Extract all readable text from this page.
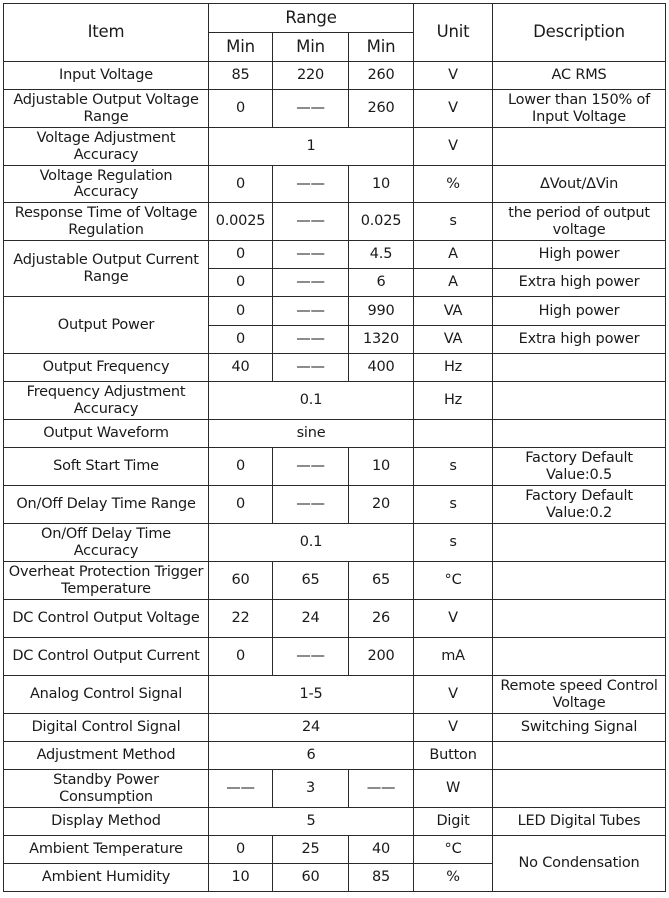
Item	Range			Unit	Description
	Min	Min	Min		
Input Voltage	85	220	260	V	AC RMS
Adjustable Output Voltage Range	0	——	260	V	Lower than 150% of Input Voltage
Voltage Adjustment Accuracy	1			V	
Voltage Regulation Accuracy	0	——	10	%	ΔVout/ΔVin
Response Time of Voltage Regulation	0.0025	——	0.025	s	the period of output voltage
Adjustable Output Current Range	0	——	4.5	A	High power
	0	——	6	A	Extra high power
Output Power	0	——	990	VA	High power
	0	——	1320	VA	Extra high power
Output Frequency	40	——	400	Hz	
Frequency Adjustment Accuracy	0.1			Hz	
Output Waveform	sine				
Soft Start Time	0	——	10	s	Factory Default Value:0.5
On/Off Delay Time Range	0	——	20	s	Factory Default Value:0.2
On/Off Delay Time Accuracy	0.1			s	
Overheat Protection Trigger Temperature	60	65	65	°C	
DC Control Output Voltage	22	24	26	V	
DC Control Output Current	0	——	200	mA	
Analog Control Signal	1-5			V	Remote speed Control Voltage
Digital Control Signal	24			V	Switching Signal
Adjustment Method	6			Button	
Standby Power Consumption	——	3	——	W	
Display Method	5			Digit	LED Digital Tubes
Ambient Temperature	0	25	40	°C	No Condensation
Ambient Humidity	10	60	85	%	
